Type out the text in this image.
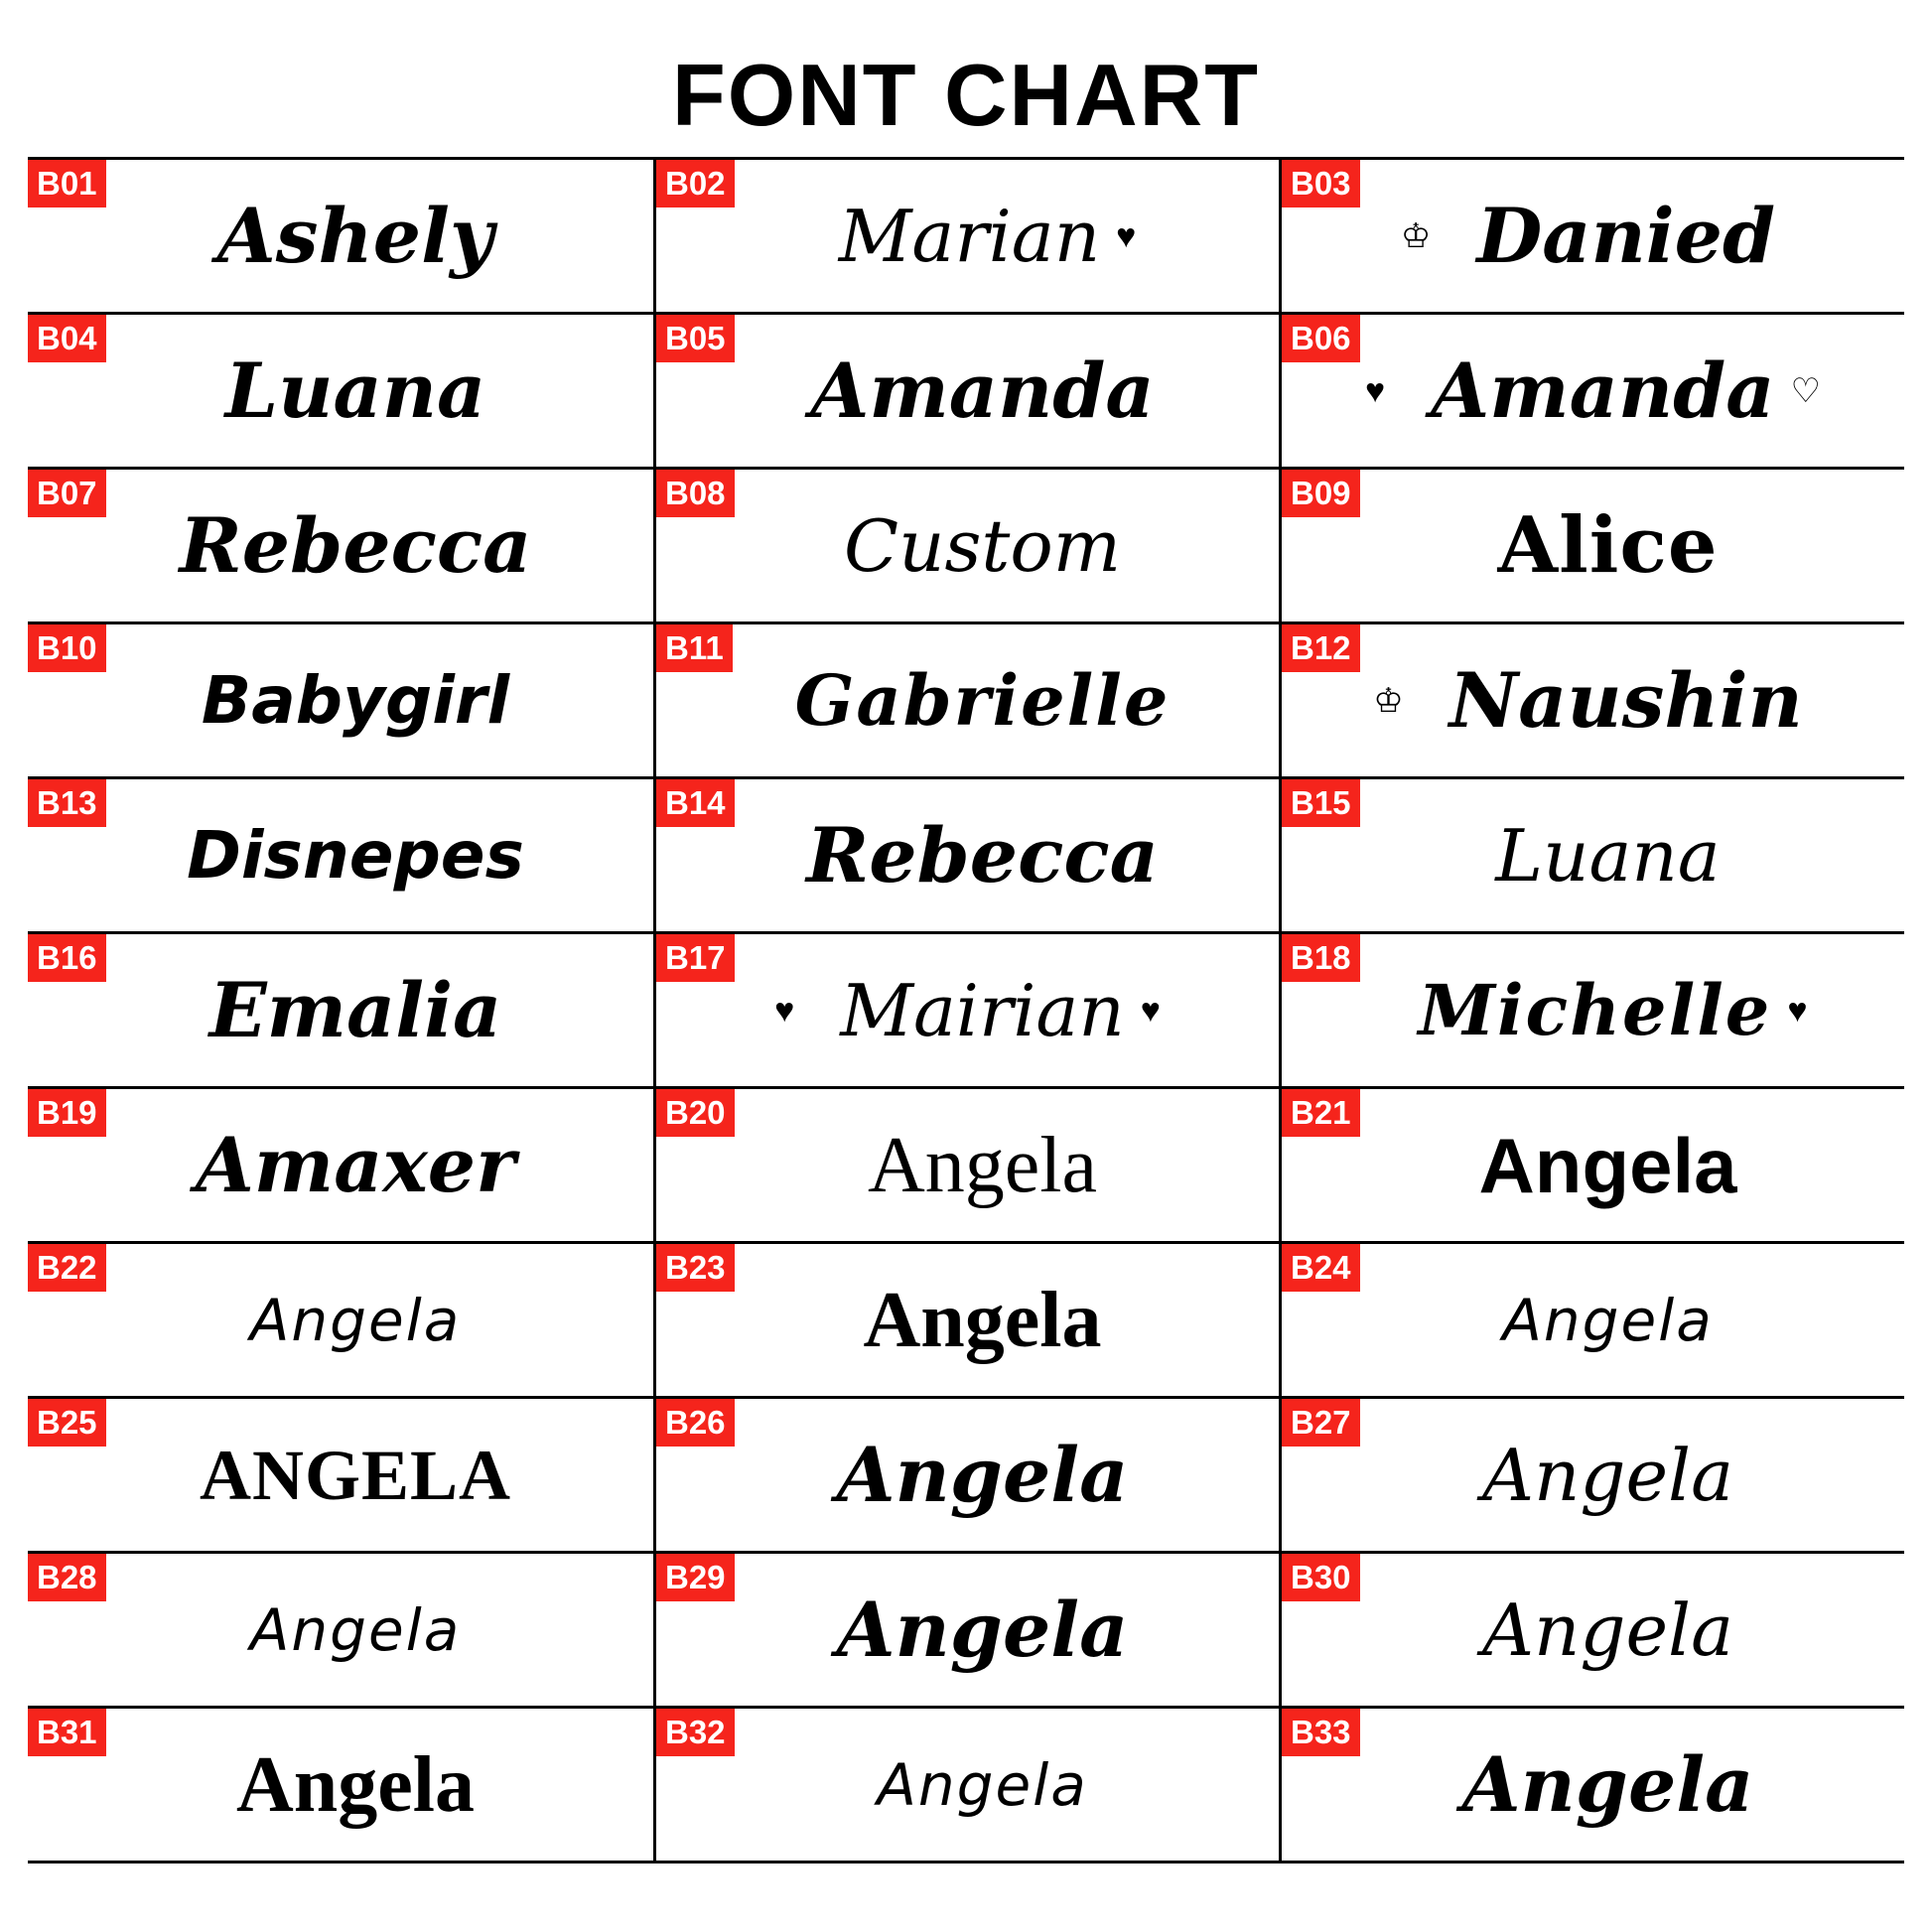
FONT CHART
B01
Ashely
B02
Marian ♥
B03
♔ Danied
B04
Luana
B05
Amanda
B06
♥ Amanda ♡
B07
Rebecca
B08
Custom
B09
Alice
B10
Babygirl
B11
Gabrielle
B12
♔ Naushin
B13
Disnepes
B14
Rebecca
B15
Luana
B16
Emalia
B17
♥ Mairian ♥
B18
Michelle ♥
B19
Amaxer
B20
Angela
B21
Angela
B22
Angela
B23
Angela
B24
Angela
B25
ANGELA
B26
Angela
B27
Angela
B28
Angela
B29
Angela
B30
Angela
B31
Angela
B32
Angela
B33
Angela
